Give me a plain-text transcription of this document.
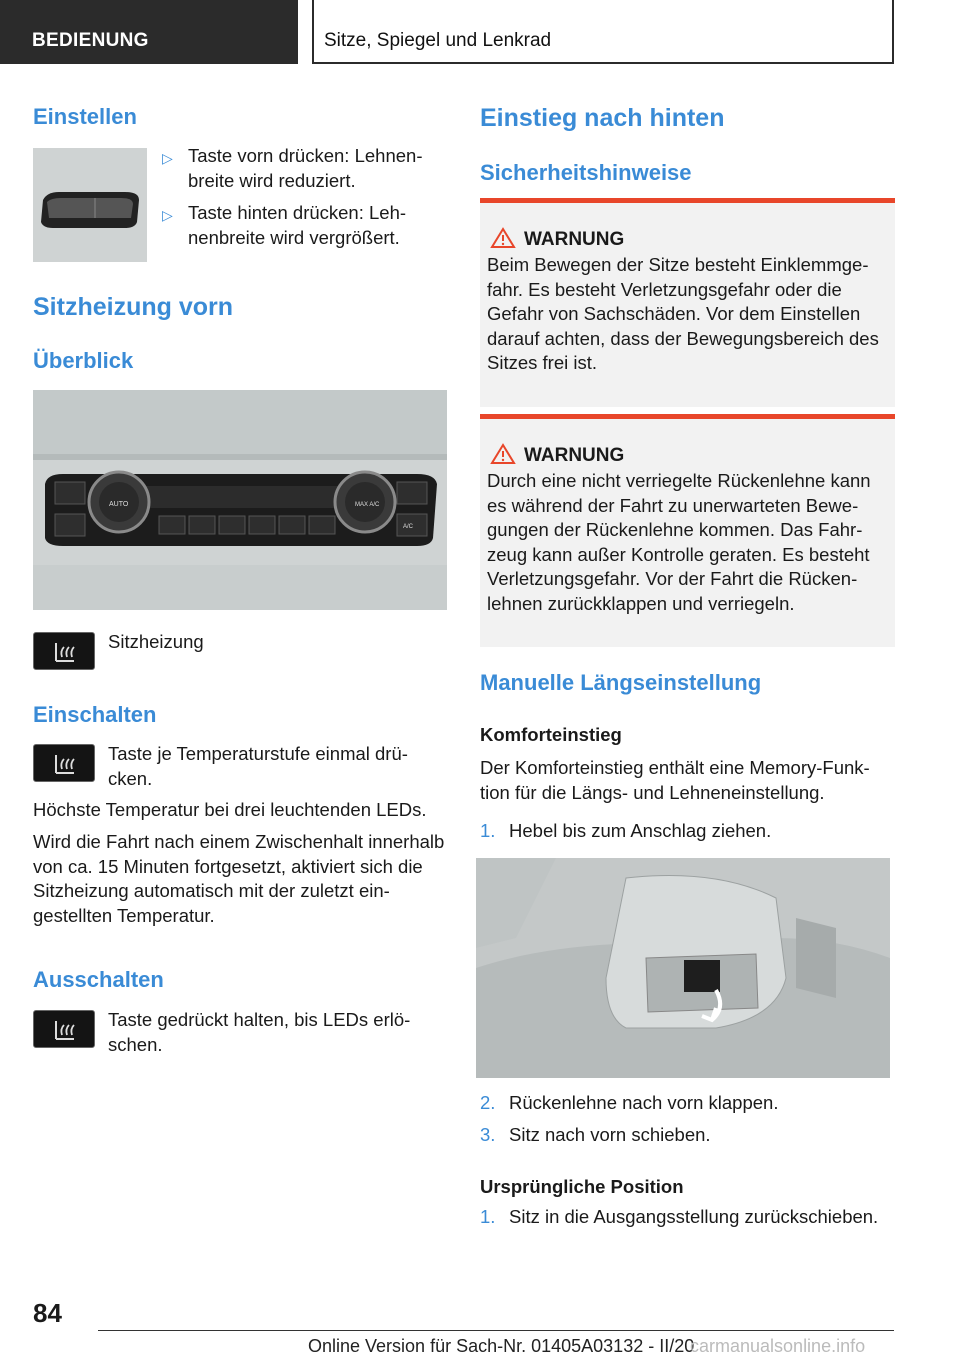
BEDIENUNG	Sitze, Spiegel und Lenkrad
Einstellen
▷ Taste vorn drücken: Lehnenbreite wird reduziert.
▷ Taste hinten drücken: Lehnenbreite wird vergrößert.
Sitzheizung vorn
Überblick
AUTO	MAX A/C
A/C
Sitzheizung
Einschalten
Taste je Temperaturstufe einmal drücken.
Höchste Temperatur bei drei leuchtenden LEDs.
Wird die Fahrt nach einem Zwischenhalt innerhalb von ca. 15 Minuten fortgesetzt, aktiviert sich die Sitzheizung automatisch mit der zuletzt eingestellten Temperatur.
Ausschalten
Taste gedrückt halten, bis LEDs erlöschen.
Einstieg nach hinten
Sicherheitshinweise
WARNUNG
Beim Bewegen der Sitze besteht Einklemmgefahr. Es besteht Verletzungsgefahr oder die Gefahr von Sachschäden. Vor dem Einstellen darauf achten, dass der Bewegungsbereich des Sitzes frei ist.
WARNUNG
Durch eine nicht verriegelte Rückenlehne kann es während der Fahrt zu unerwarteten Bewegungen der Rückenlehne kommen. Das Fahrzeug kann außer Kontrolle geraten. Es besteht Verletzungsgefahr. Vor der Fahrt die Rückenlehnen zurückklappen und verriegeln.
Manuelle Längseinstellung
Komforteinstieg
Der Komforteinstieg enthält eine Memory-Funktion für die Längs- und Lehneneinstellung.
1. Hebel bis zum Anschlag ziehen.
2. Rückenlehne nach vorn klappen.
3. Sitz nach vorn schieben.
Ursprüngliche Position
1. Sitz in die Ausgangsstellung zurückschieben.
84
Online Version für Sach-Nr. 01405A03132 - II/20
carmanualsonline.info
